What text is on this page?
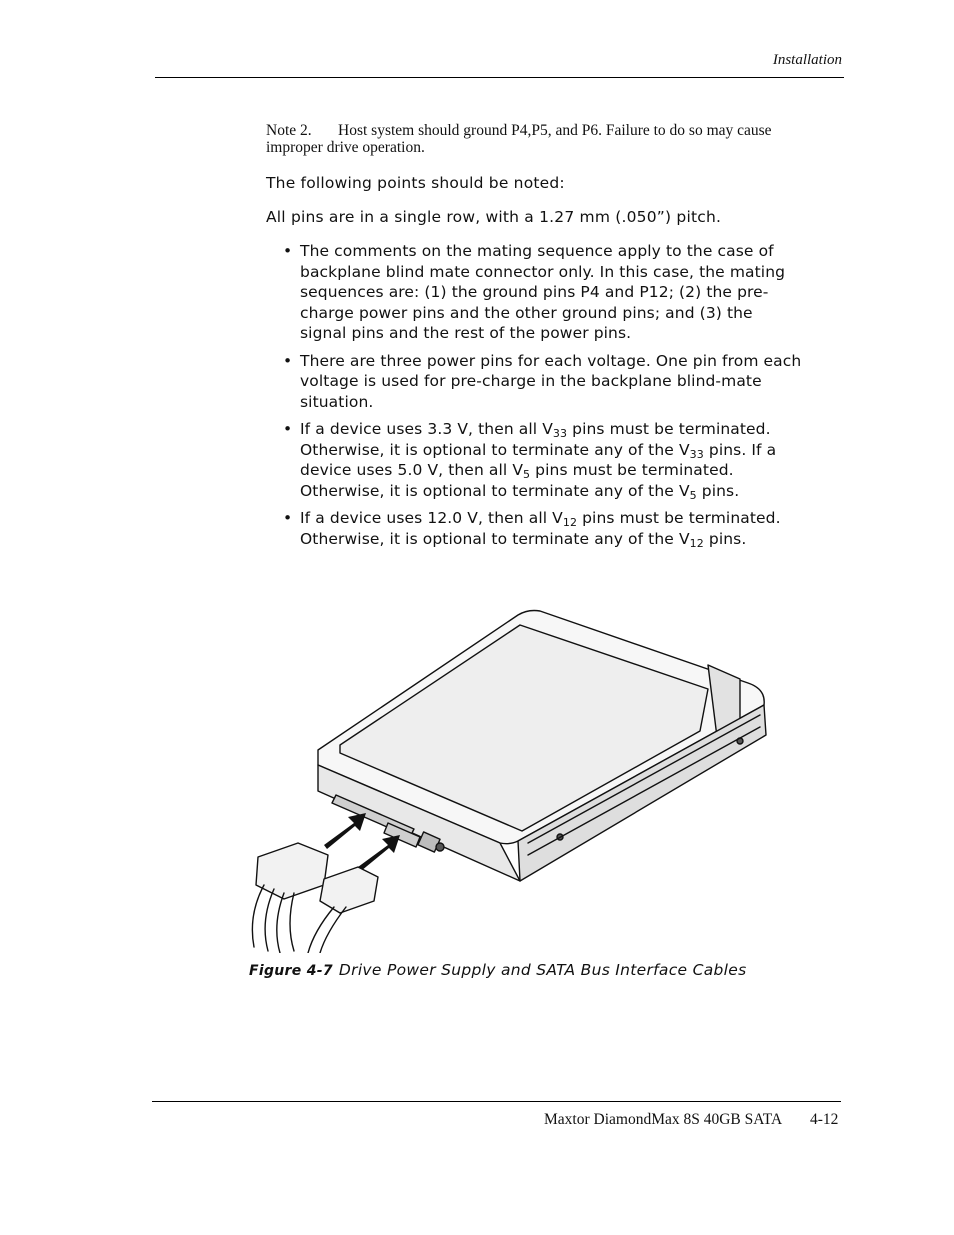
Installation
Note 2. Host system should ground P4,P5, and P6. Failure to do so may cause improper drive operation.
The following points should be noted:
All pins are in a single row, with a 1.27 mm (.050”) pitch.
• The comments on the mating sequence apply to the case of backplane blind mate connector only. In this case, the mating sequences are: (1) the ground pins P4 and P12; (2) the pre-charge power pins and the other ground pins; and (3) the signal pins and the rest of the power pins.
• There are three power pins for each voltage. One pin from each voltage is used for pre-charge in the backplane blind-mate situation.
• If a device uses 3.3 V, then all $V_{33}$ pins must be terminated. Otherwise, it is optional to terminate any of the $V_{33}$ pins. If a device uses 5.0 V, then all $V_5$ pins must be terminated. Otherwise, it is optional to terminate any of the $V_5$ pins.
• If a device uses 12.0 V, then all $V_{12}$ pins must be terminated. Otherwise, it is optional to terminate any of the $V_{12}$ pins.
Figure 4-7 Drive Power Supply and SATA Bus Interface Cables
Maxtor DiamondMax 8S 40GB SATA 4-12
